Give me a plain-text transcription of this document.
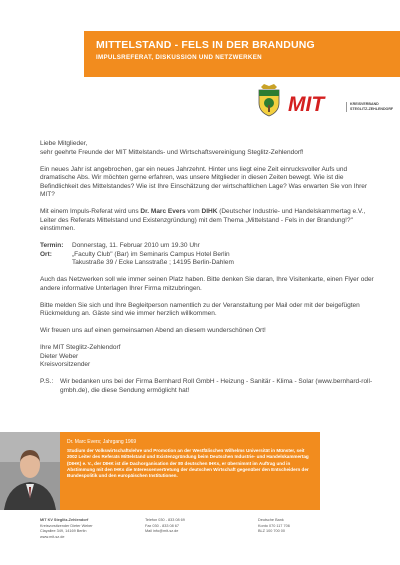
MITTELSTAND - FELS IN DER BRANDUNG
IMPULSREFERAT, DISKUSSION UND NETZWERKEN
MIT	KREISVERBAND
STEGLITZ-ZEHLENDORF

Liebe Mitglieder,
sehr geehrte Freunde der MIT Mittelstands- und Wirtschaftsvereinigung Steglitz-Zehlendorf!

Ein neues Jahr ist angebrochen, gar ein neues Jahrzehnt. Hinter uns liegt eine Zeit einrucksvoller Aufs und dramatische Abs. Wir möchten gerne erfahren, was unsere Mitglieder in diesen Zeiten bewegt. Wie ist die Befindlichkeit des Mittelstandes? Wie ist Ihre Einschätzung der wirtschaftlichen Lage? Was erwarten Sie von Ihrer MIT?

Mit einem Impuls-Referat wird uns Dr. Marc Evers vom DIHK (Deutscher Industrie- und Handelskammertag e.V., Leiter des Referats Mittelstand und Existenzgründung) mit dem Thema „Mittelstand - Fels in der Brandung!?" einstimmen.

Termin:	Donnerstag, 11. Februar 2010 um 19.30 Uhr
Ort:	„Faculty Club" (Bar) im Seminaris Campus Hotel Berlin
Takustraße 39 / Ecke Lansstraße ; 14195 Berlin-Dahlem

Auch das Netzwerken soll wie immer seinen Platz haben. Bitte denken Sie daran, Ihre Visitenkarte, einen Flyer oder andere informative Unterlagen Ihrer Firma mitzubringen.

Bitte melden Sie sich und Ihre Begleitperson namentlich zu der Veranstaltung per Mail oder mit der beigefügten Rückmeldung an. Gäste sind wie immer herzlich willkommen.

Wir freuen uns auf einen gemeinsamen Abend an diesem wunderschönen Ort!

Ihre MIT Steglitz-Zehlendorf
Dieter Weber
Kreisvorsitzender

P.S.:	Wir bedanken uns bei der Firma Bernhard Roll GmbH - Heizung - Sanitär - Klima - Solar (www.bernhard-roll-gmbh.de), die diese Sendung ermöglicht hat!
Dr. Marc Evers; Jahrgang 1969
Studium der Volkswirtschaftslehre und Promotion an der Westfälischen Wilhelms Universität in Münster, seit 2002 Leiter des Referats Mittelstand und Existenzgründung beim Deutschen Industrie- und Handelskammertag (DIHK) e. V., der DIHK ist die Dachorganisation der 80 deutschen IHKs, er übernimmt im Auftrag und in Abstimmung mit den IHKs die Interessenvertretung der deutschen Wirtschaft gegenüber den Entscheidern der Bundespolitik und den europäischen Institutionen.
MIT KV Steglitz-Zehlendorf
Kreisvorsitzender Dieter Weber
Clayallee 349, 14169 Berlin
www.mit-sz.de
Telefon 030 - 833 08 69
Fax 030 - 833 08 67
Mail info@mit-sz.de
Deutsche Bank
Konto 070 117 706
BLZ 100 700 00
